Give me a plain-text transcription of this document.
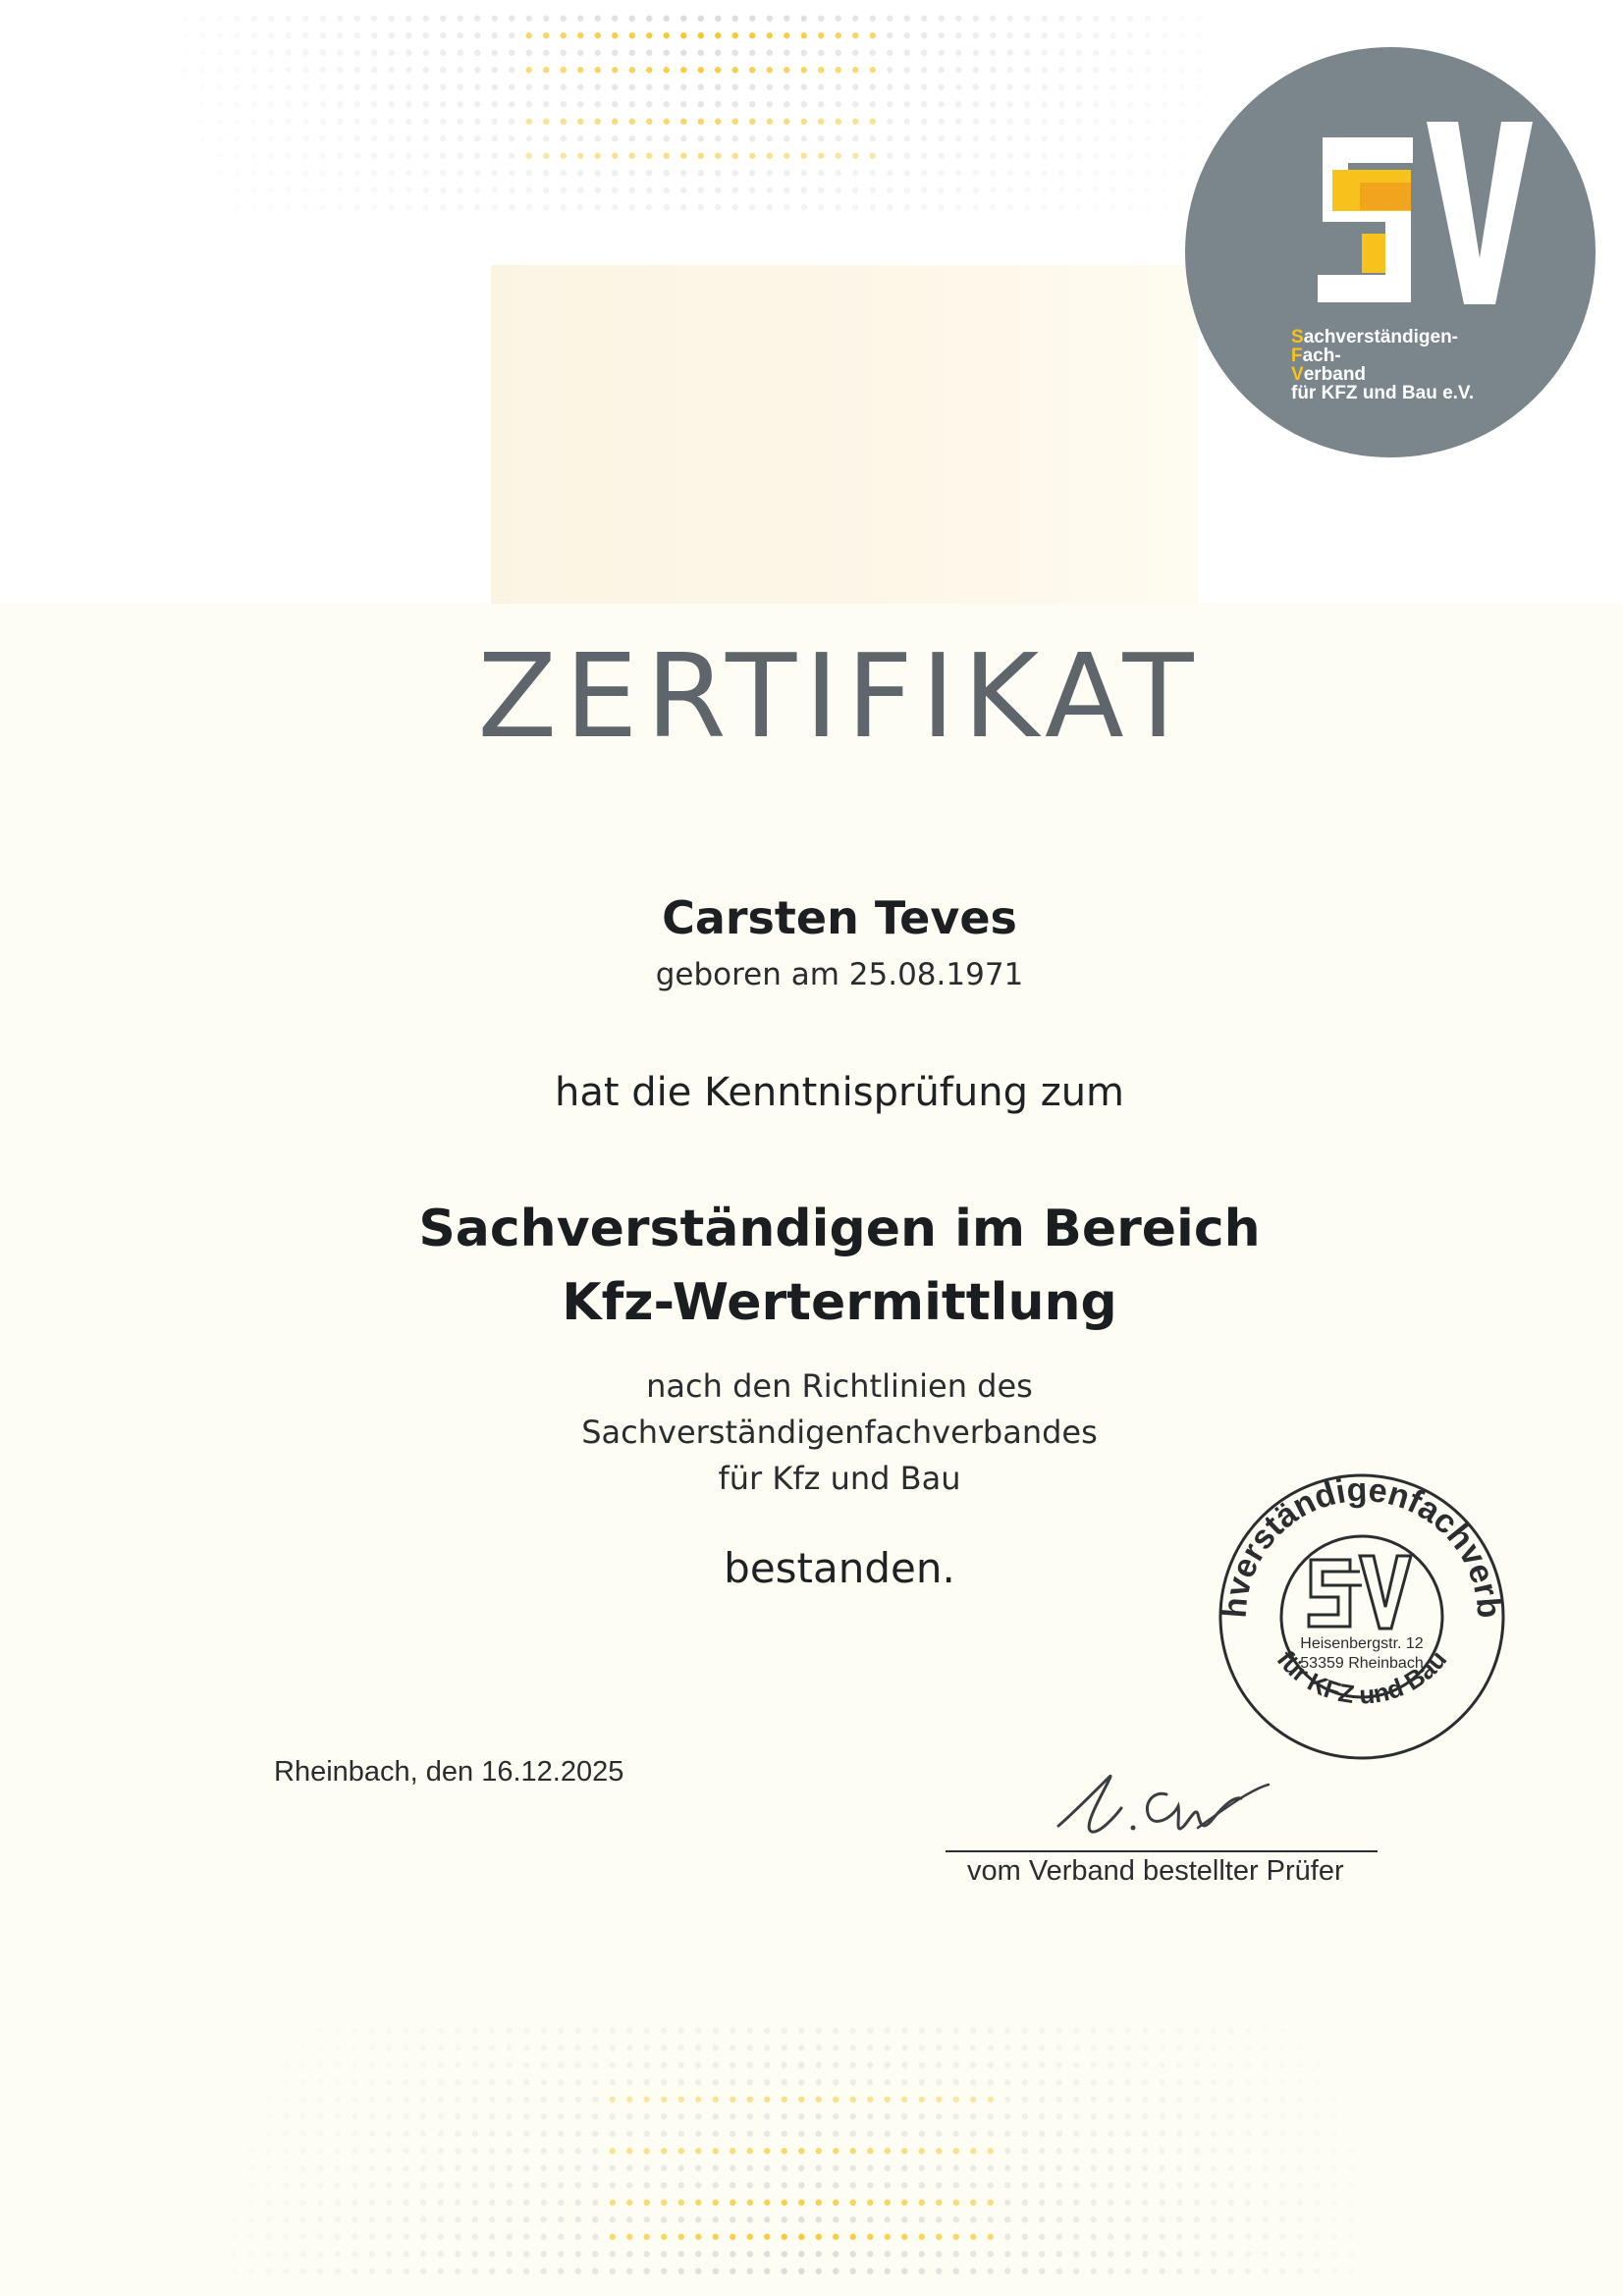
Sachverständigen-
Fach-
Verband
für KFZ und Bau e.V.
ZERTIFIKAT
Carsten Teves
geboren am 25.08.1971
hat die Kenntnisprüfung zum
Sachverständigen im Bereich
Kfz-Wertermittlung
nach den Richtlinien des
Sachverständigenfachverbandes
für Kfz und Bau
bestanden.
hverständigenfachverb
für KFZ und Bau
Heisenbergstr. 12
53359 Rheinbach
Rheinbach, den 16.12.2025
vom Verband bestellter Prüfer
